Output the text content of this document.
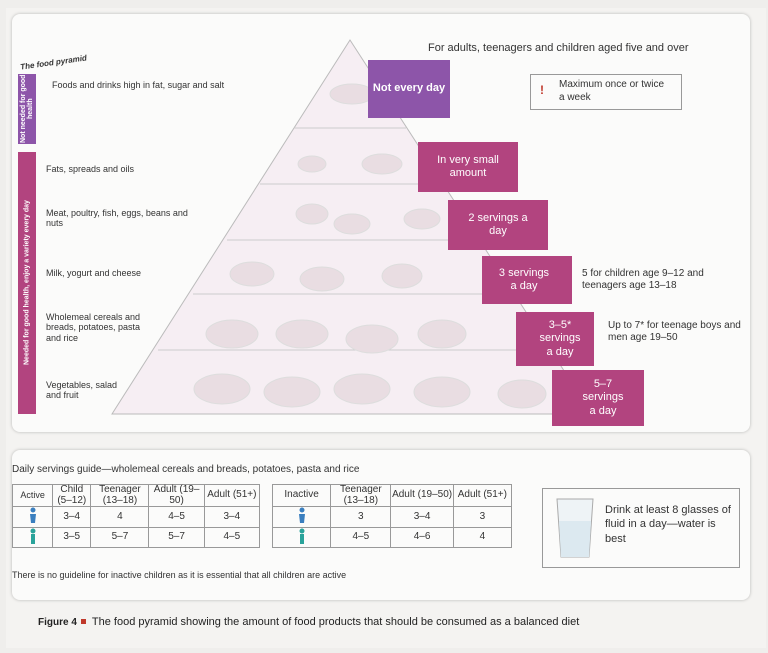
The food pyramid
For adults, teenagers and children aged five and over
Not needed for good health
Needed for good health, enjoy a variety every day
Foods and drinks high in fat, sugar and salt
Fats, spreads and oils
Meat, poultry, fish, eggs, beans and nuts
Milk, yogurt and cheese
Wholemeal cereals and breads, potatoes, pasta and rice
Vegetables, salad and fruit
Not every day
In very small amount
2 servings a day
3 servings a day
3–5* servings a day
5–7 servings a day
5 for children age 9–12 and teenagers age 13–18
Up to 7* for teenage boys and men age 19–50
!	Maximum once or twice a week
Daily servings guide—wholemeal cereals and breads, potatoes, pasta and rice
Active	Child (5–12)	Teenager (13–18)	Adult (19–50)	Adult (51+)
	3–4	4	4–5	3–4
	3–5	5–7	5–7	4–5
Inactive	Teenager (13–18)	Adult (19–50)	Adult (51+)
	3	3–4	3
	4–5	4–6	4
Drink at least 8 glasses of fluid in a day—water is best
There is no guideline for inactive children as it is essential that all children are active
Figure 4 The food pyramid showing the amount of food products that should be consumed as a balanced diet
